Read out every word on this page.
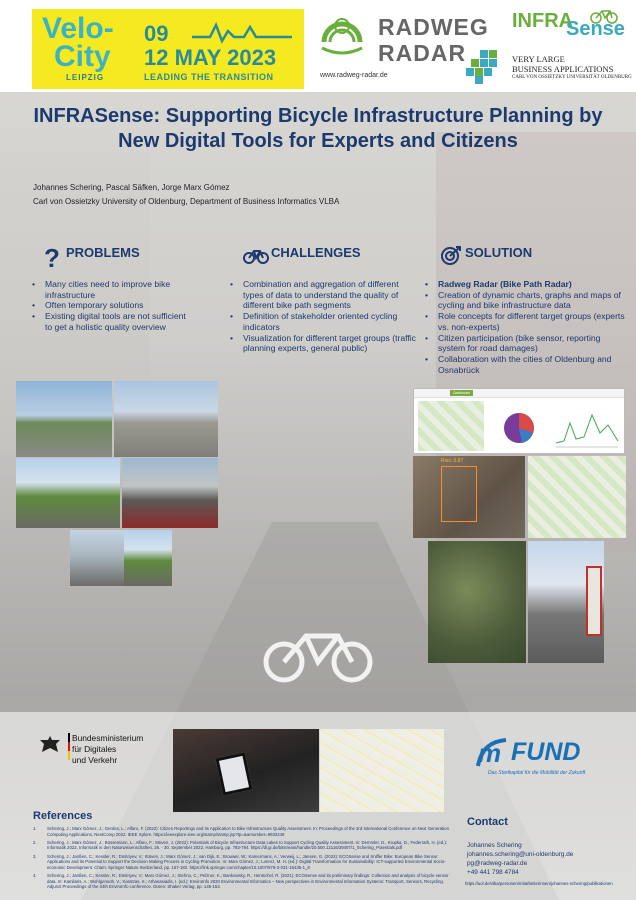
Velo-
City
LEIPZIG
09
12 MAY 2023
LEADING THE TRANSITION
RADWEG
RADAR
www.radweg-radar.de
INFRA
Sense
VERY LARGE
BUSINESS APPLICATIONS
CARL VON OSSIETZKY UNIVERSITÄT OLDENBURG
INFRASense: Supporting Bicycle Infrastructure Planning by New Digital Tools for Experts and Citizens
Johannes Schering, Pascal Säfken, Jorge Marx Gómez
Carl von Ossietzky University of Oldenburg, Department of Business Informatics VLBA
? PROBLEMS	CHALLENGES	SOLUTION
• Many cities need to improve bike infrastructure
• Often temporary solutions
• Existing digital tools are not sufficient to get a holistic quality overview
• Combination and aggregation of different types of data to understand the quality of different bike path segments
• Definition of stakeholder oriented cycling indicators
• Visualization for different target groups (traffic planning experts, general public)
• Radweg Radar (Bike Path Radar)
• Creation of dynamic charts, graphs and maps of cycling and bike infrastructure data
• Role concepts for different target groups (experts vs. non-experts)
• Citizen participation (bike sensor, reporting system for road damages)
• Collaboration with the cities of Oldenburg and Osnabrück
Dashboard
Riss: 0.87
Bundesministerium
für Digitales
und Verkehr	m FUND
Das Startkapital für die Mobilität der Zukunft
References
1. Schering, J.; Marx Gómez, J.; Gerdes, L.; Alfaro, F. (2022): Citizen Reportings and its Application to Bike Infrastructure Quality Assessment. In: Proceedings of the 3rd International Conference on Next Generation Computing Applications, NextComp 2022. IEEE Xplore. https://ieeexplore.ieee.org/stamp/stamp.jsp?tp=&arnumber=9932249
2. Schering, J.; Marx Gómez, J.; Büssemann, L.; Alfaro, F.; Stüven, J. (2022): Potentials of Bicycle Infrastructure Data Lakes to Support Cycling Quality Assessment. In: Demmler, D., Krupka, D., Federrath, H. (ed.): Informatik 2022, Informatik in den Naturwissenschaften, 26. - 30. September 2022, Hamburg, pp. 783-794. https://dl.gi.de/bitstream/handle/20.500.12116/39407/1_Schering_Potentials.pdf
3. Schering, J.; Janßen, C.; Kessler, R.; Dmitriyev, V.; Stüven, J.; Marx Gómez, J.; van Dijk, E.; Brouwer, W.; Kamermans, A.; Verweij, L.; Jansen, G. (2022): ECOSense and Sniffer Bike: European Bike Sensor Applications and its Potential to Support the Decision Making Process in Cycling Promotion. In: Marx Gómez, J.; Lorenz, M. H. (ed.): Digital Transformation for Sustainability: ICT-supported Environmental Socio-economic Development. Cham: Springer Nature Switzerland, pp. 157-182. https://link.springer.com/chapter/10.1007/978-3-031-15435-1_8
4. Schering, J.; Janßen, C.; Kessler, R.; Dmitriyev, V.; Marx Gómez, J.; Stehno, C.; Pelzner, K.; Bankowsky, R.; Hentschel, R. (2021): ECOSense and its preliminary findings: Collection and analysis of bicycle sensor data. In: Kamilaris, A.; Wohlgemuth, V.; Karatzas, K.; Athanasiadis, I. (ed.): EnviroInfo 2020 Environmental Informatics – New perspectives in Environmental Information Systems: Transport, Sensors, Recycling. Adjunct Proceedings of the 34th EnviroInfo conference. Düren: Shaker Verlag, pp. 145-153.
Contact
Johannes Schering
johannes.schering@uni-oldenburg.de
pg@radweg-radar.de
+49 441 798 4784
https://uol.de/vlba/personen/mitarbeiterinnen/johannes-schering/publikationen
